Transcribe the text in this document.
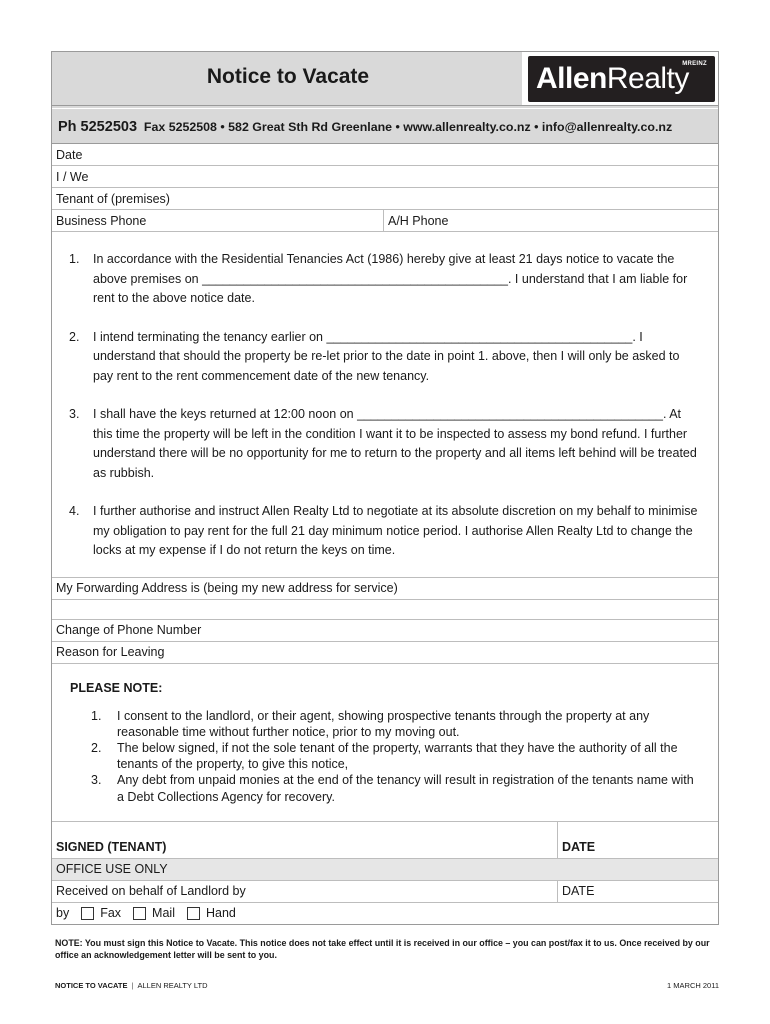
Notice to Vacate	AllenRealty
MREINZ
Ph 5252503 Fax 5252508 • 582 Great Sth Rd Greenlane • www.allenrealty.co.nz • info@allenrealty.co.nz
Date
I / We
Tenant of (premises)
Business Phone	A/H Phone
1.	In accordance with the Residential Tenancies Act (1986) hereby give at least 21 days notice to vacate the above premises on ____________________________________________. I understand that I am liable for rent to the above notice date.
2.	I intend terminating the tenancy earlier on ____________________________________________. I understand that should the property be re-let prior to the date in point 1. above, then I will only be asked to pay rent to the rent commencement date of the new tenancy.
3.	I shall have the keys returned at 12:00 noon on ____________________________________________. At this time the property will be left in the condition I want it to be inspected to assess my bond refund. I further understand there will be no opportunity for me to return to the property and all items left behind will be treated as rubbish.
4.	I further authorise and instruct Allen Realty Ltd to negotiate at its absolute discretion on my behalf to minimise my obligation to pay rent for the full 21 day minimum notice period. I authorise Allen Realty Ltd to change the locks at my expense if I do not return the keys on time.
My Forwarding Address is (being my new address for service)
Change of Phone Number
Reason for Leaving
PLEASE NOTE:
1.	I consent to the landlord, or their agent, showing prospective tenants through the property at any reasonable time without further notice, prior to my moving out.
2.	The below signed, if not the sole tenant of the property, warrants that they have the authority of all the tenants of the property, to give this notice,
3.	Any debt from unpaid monies at the end of the tenancy will result in registration of the tenants name with a Debt Collections Agency for recovery.
SIGNED (TENANT)	DATE
OFFICE USE ONLY
Received on behalf of Landlord by	DATE
by Fax Mail Hand
NOTE: You must sign this Notice to Vacate. This notice does not take effect until it is received in our office – you can post/fax it to us. Once received by our office an acknowledgement letter will be sent to you.
NOTICE TO VACATE | ALLEN REALTY LTD	1 MARCH 2011
